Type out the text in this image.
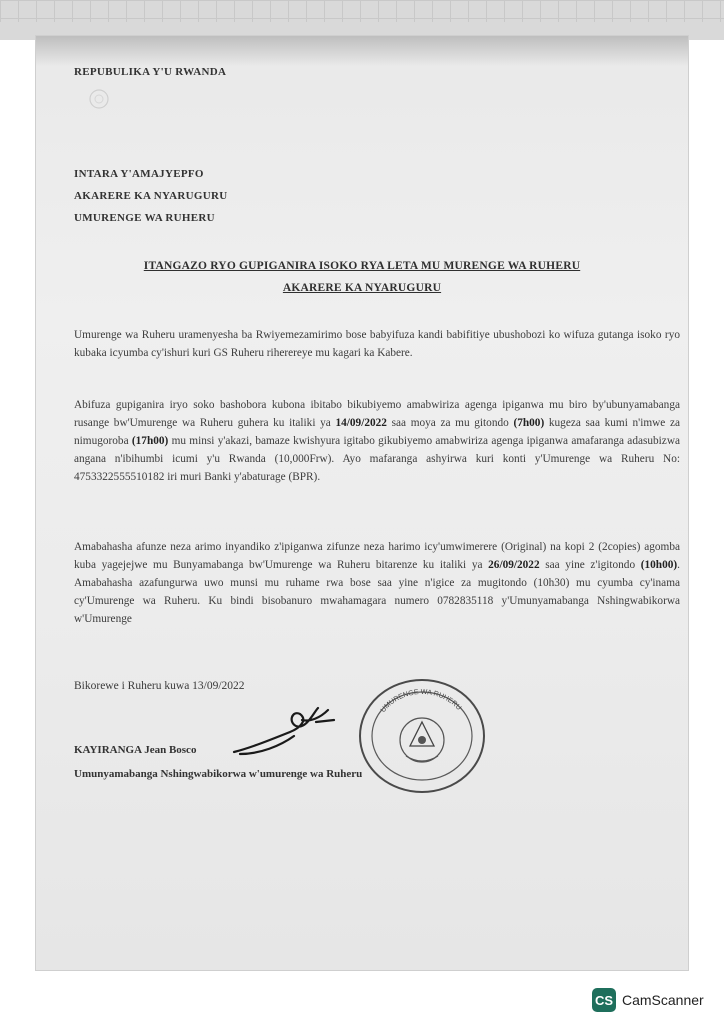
REPUBULIKA Y'U RWANDA
INTARA Y'AMAJYEPFO
AKARERE KA NYARUGURU
UMURENGE WA RUHERU
ITANGAZO RYO GUPIGANIRA ISOKO RYA LETA MU MURENGE WA RUHERU
AKARERE KA NYARUGURU
Umurenge wa Ruheru uramenyesha ba Rwiyemezamirimo bose babyifuza kandi babifitiye ubushobozi ko wifuza gutanga isoko ryo kubaka icyumba cy'ishuri kuri GS Ruheru riherereye mu kagari ka Kabere.
Abifuza gupiganira iryo soko bashobora kubona ibitabo bikubiyemo amabwiriza agenga ipiganwa mu biro by'ubunyamabanga rusange bw'Umurenge wa Ruheru guhera ku italiki ya 14/09/2022 saa moya za mu gitondo (7h00) kugeza saa kumi n'imwe za nimugoroba (17h00) mu minsi y'akazi, bamaze kwishyura igitabo gikubiyemo amabwiriza agenga ipiganwa amafaranga adasubizwa angana n'ibihumbi icumi y'u Rwanda (10,000Frw). Ayo mafaranga ashyirwa kuri konti y'Umurenge wa Ruheru No: 4753322555510182 iri muri Banki y'abaturage (BPR).
Amabahasha afunze neza arimo inyandiko z'ipiganwa zifunze neza harimo icy'umwimerere (Original) na kopi 2 (2copies) agomba kuba yagejejwe mu Bunyamabanga bw'Umurenge wa Ruheru bitarenze ku italiki ya 26/09/2022 saa yine z'igitondo (10h00). Amabahasha azafungurwa uwo munsi mu ruhame rwa bose saa yine n'igice za mugitondo (10h30) mu cyumba cy'inama cy'Umurenge wa Ruheru. Ku bindi bisobanuro mwahamagara numero 0782835118 y'Umunyamabanga Nshingwabikorwa w'Umurenge
Bikorewe i Ruheru kuwa 13/09/2022
UMURENGE WA RUHERU
KAYIRANGA Jean Bosco
Umunyamabanga Nshingwabikorwa w'umurenge wa Ruheru
CS CamScanner
